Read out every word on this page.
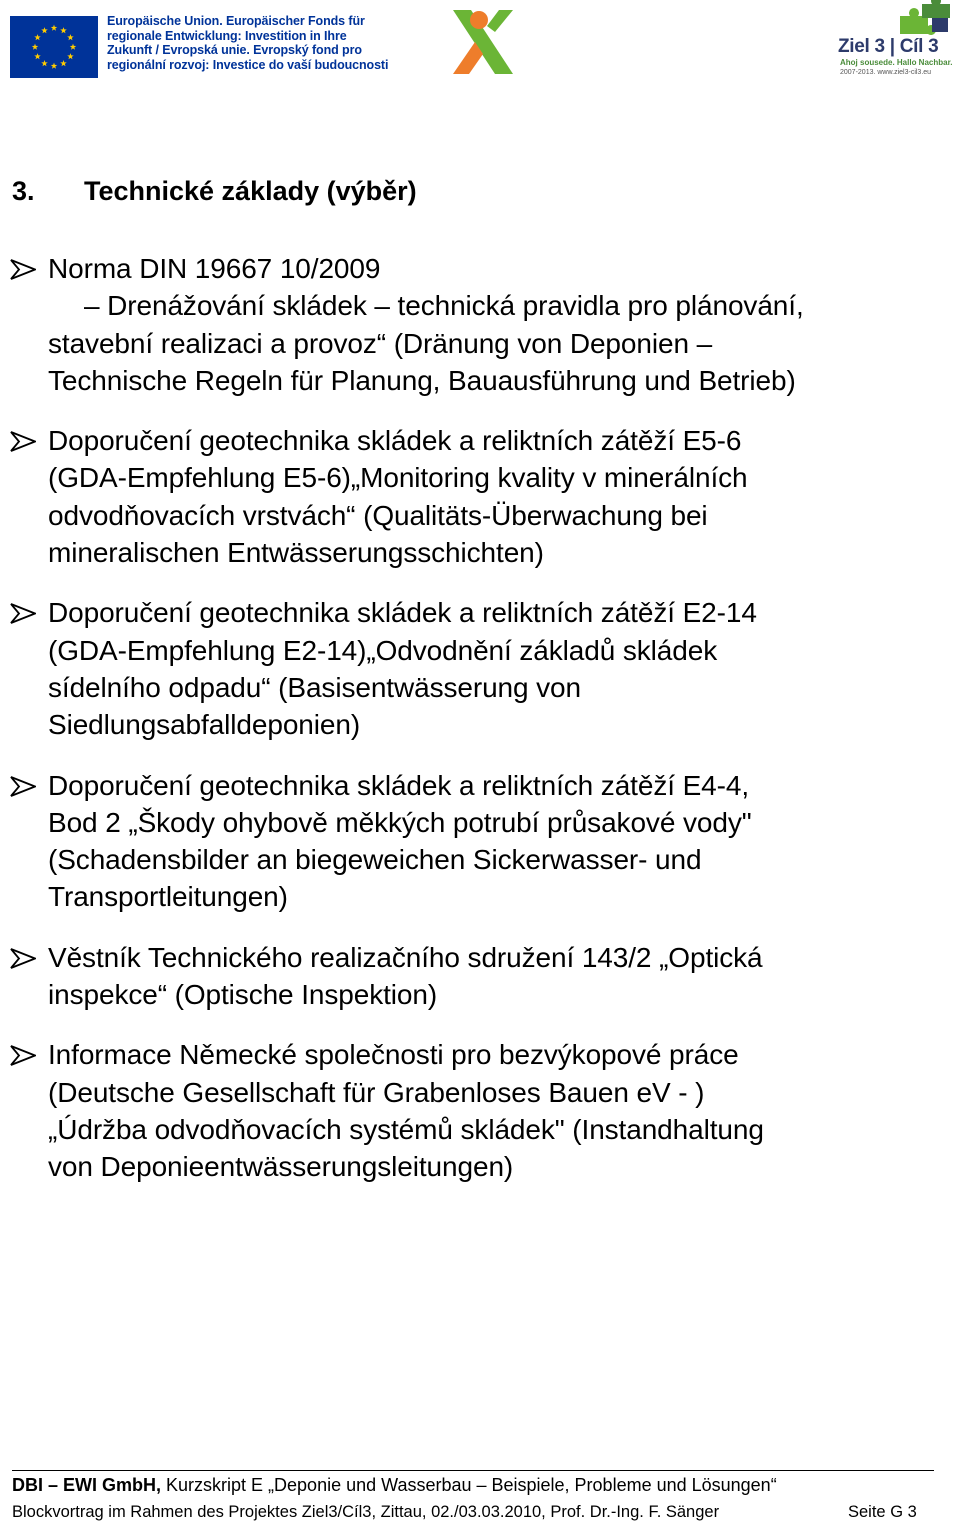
Europäische Union. Europäischer Fonds für
regionale Entwicklung: Investition in Ihre
Zukunft / Evropská unie. Evropský fond pro
regionální rozvoj: Investice do vaší budoucnosti
Ziel 3 | Cíl 3
Ahoj sousede. Hallo Nachbar.
2007-2013. www.ziel3-cil3.eu
3. Technické základy (výběr)
Norma DIN 19667 10/2009
– Drenážování skládek – technická pravidla pro plánování,
stavební realizaci a provoz“ (Dränung von Deponien –
Technische Regeln für Planung, Bauausführung und Betrieb)
Doporučení geotechnika skládek a reliktních zátěží E5-6
(GDA-Empfehlung E5-6)„Monitoring kvality v minerálních
odvodňovacích vrstvách“ (Qualitäts-Überwachung bei
mineralischen Entwässerungsschichten)
Doporučení geotechnika skládek a reliktních zátěží E2-14
(GDA-Empfehlung E2-14)„Odvodnění základů skládek
sídelního odpadu“ (Basisentwässerung von
Siedlungsabfalldeponien)
Doporučení geotechnika skládek a reliktních zátěží E4-4,
Bod 2 „Škody ohybově měkkých potrubí průsakové vody"
(Schadensbilder an biegeweichen Sickerwasser- und
Transportleitungen)
Věstník Technického realizačního sdružení 143/2 „Optická
inspekce“ (Optische Inspektion)
Informace Německé společnosti pro bezvýkopové práce
(Deutsche Gesellschaft für Grabenloses Bauen eV - )
„Údržba odvodňovacích systémů skládek" (Instandhaltung
von Deponieentwässerungsleitungen)
DBI – EWI GmbH, Kurzskript E „Deponie und Wasserbau – Beispiele, Probleme und Lösungen“
Blockvortrag im Rahmen des Projektes Ziel3/Cíl3, Zittau, 02./03.03.2010, Prof. Dr.-Ing. F. Sänger	Seite G 3
